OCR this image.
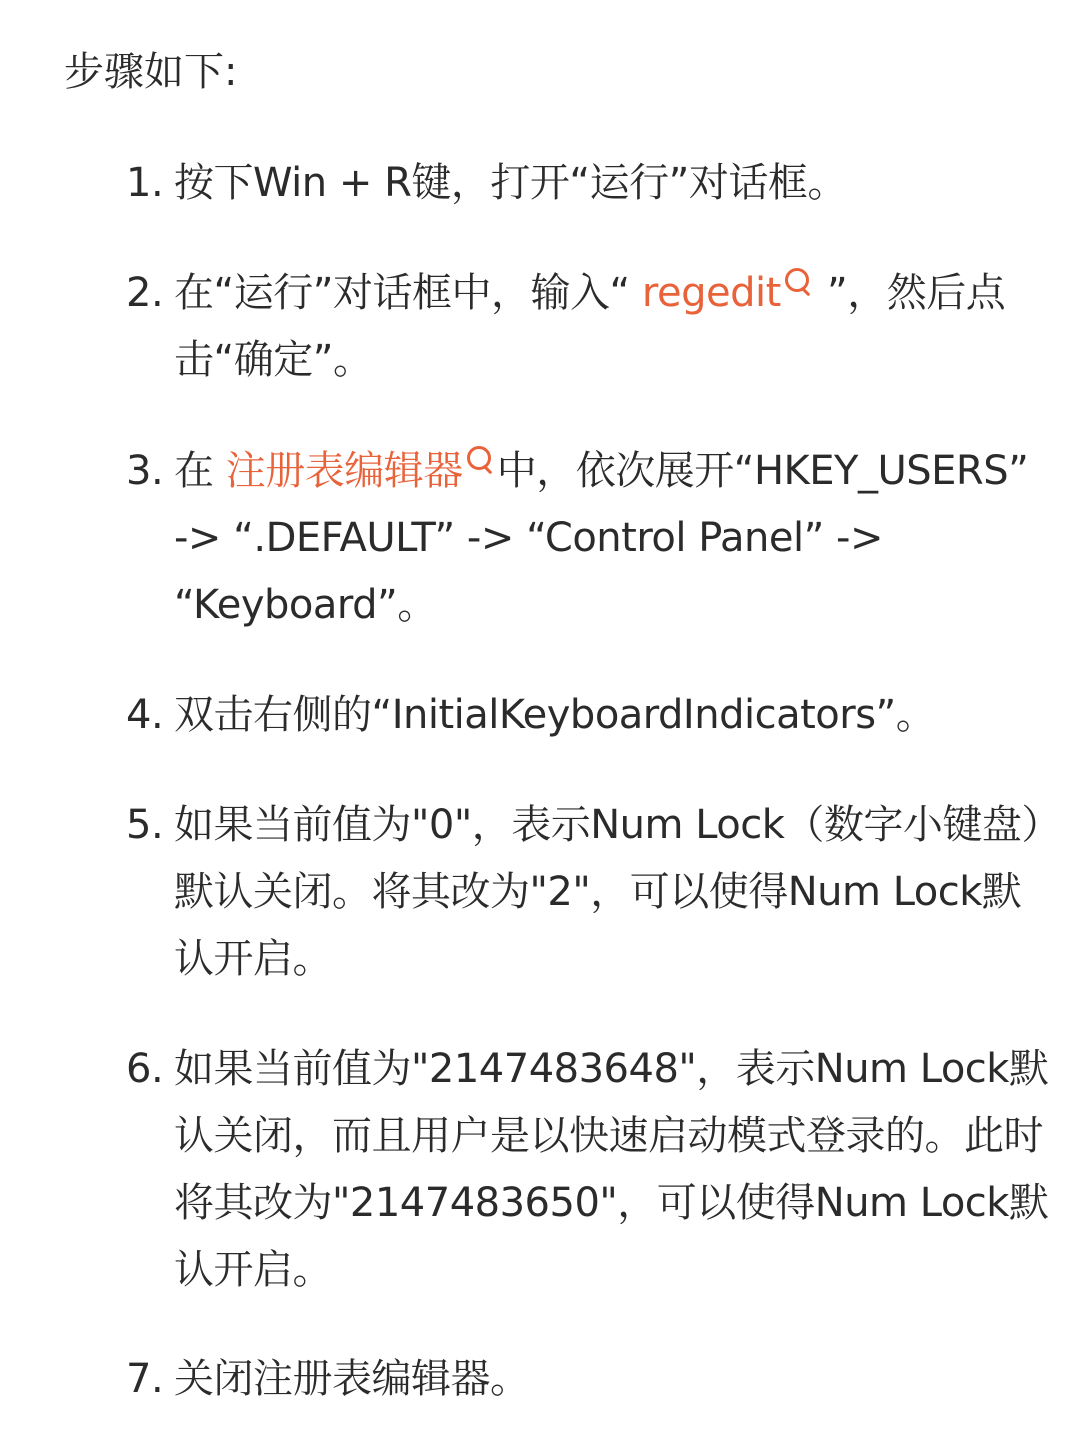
步骤如下:
1. 按下Win + R键，打开“运行”对话框。
2. 在“运行”对话框中，输入“ regedit ”，然后点击“确定”。
3. 在 注册表编辑器 中，依次展开“HKEY_USERS” -> “.DEFAULT” -> “Control Panel” -> “Keyboard”。
4. 双击右侧的“InitialKeyboardIndicators”。
5. 如果当前值为"0"，表示Num Lock（数字小键盘）默认关闭。将其改为"2"，可以使得Num Lock默认开启。
6. 如果当前值为"2147483648"，表示Num Lock默认关闭，而且用户是以快速启动模式登录的。此时将其改为"2147483650"，可以使得Num Lock默认开启。
7. 关闭注册表编辑器。
